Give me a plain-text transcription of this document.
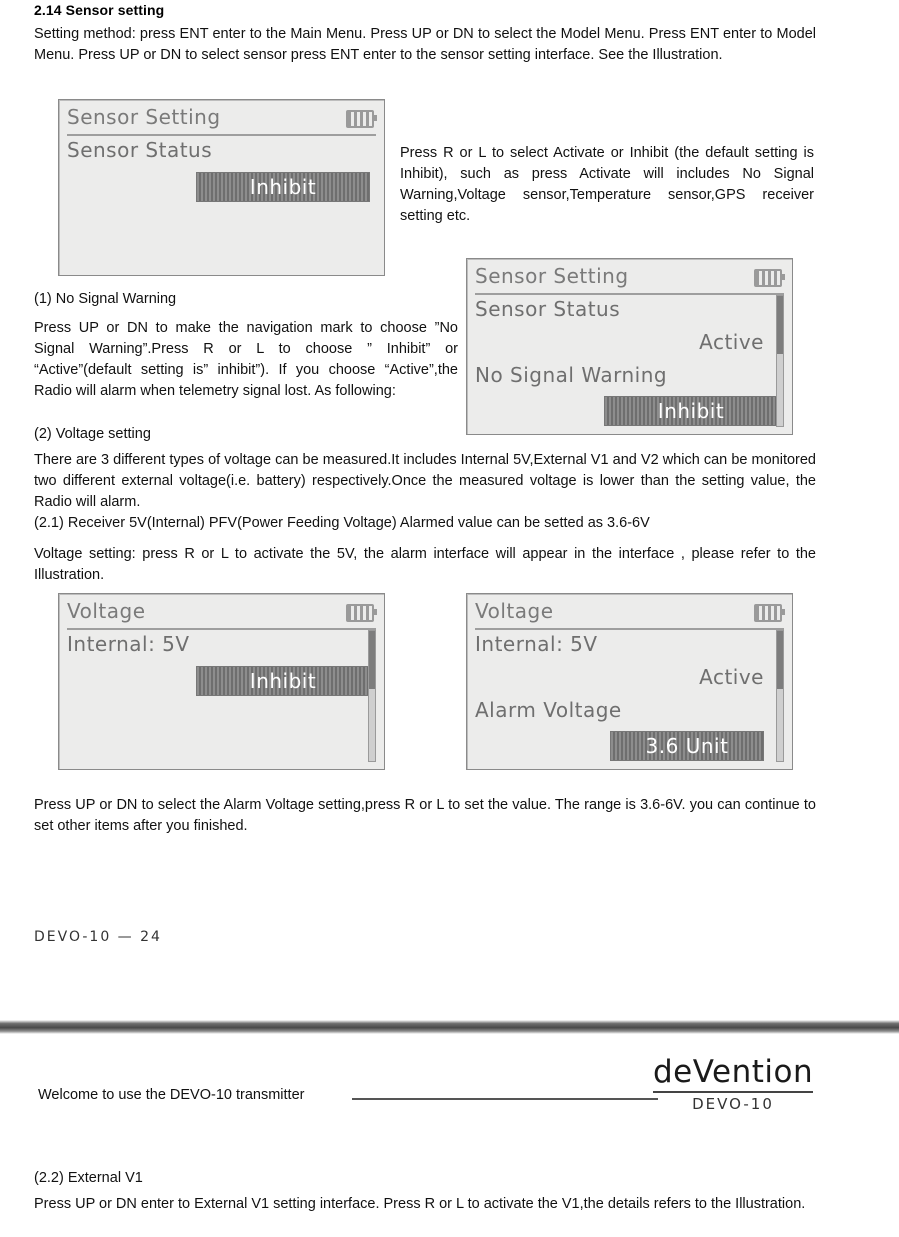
2.14 Sensor setting
Setting method: press ENT enter to the Main Menu. Press UP or DN to select the Model Menu. Press ENT enter to Model Menu. Press UP or DN to select sensor press ENT enter to the sensor setting interface. See the Illustration.
Sensor Setting
Sensor Status
Inhibit
Press R or L to select Activate or Inhibit (the default setting is Inhibit), such as press Activate will includes No Signal Warning,Voltage sensor,Temperature sensor,GPS receiver setting etc.
(1) No Signal Warning
Press UP or DN to make the navigation mark to choose ”No Signal Warning”.Press R or L to choose ” Inhibit” or “Active”(default setting is” inhibit”). If you choose “Active”,the Radio will alarm when telemetry signal lost. As following:
Sensor Setting
Sensor Status
Active
No Signal Warning
Inhibit
(2) Voltage setting
There are 3 different types of voltage can be measured.It includes Internal 5V,External V1 and V2 which can be monitored two different external voltage(i.e. battery) respectively.Once the measured voltage is lower than the setting value, the Radio will alarm.
(2.1) Receiver 5V(Internal) PFV(Power Feeding Voltage) Alarmed value can be setted as 3.6-6V
Voltage setting: press R or L to activate the 5V, the alarm interface will appear in the interface , please refer to the Illustration.
Voltage
Internal: 5V
Inhibit
Voltage
Internal: 5V
Active
Alarm Voltage
3.6 Unit
Press UP or DN to select the Alarm Voltage setting,press R or L to set the value. The range is 3.6-6V. you can continue to set other items after you finished.
DEVO-10 — 24
Welcome to use the DEVO-10 transmitter
deVention
DEVO-10
(2.2) External V1
Press UP or DN enter to External V1 setting interface. Press R or L to activate the V1,the details refers to the Illustration.
